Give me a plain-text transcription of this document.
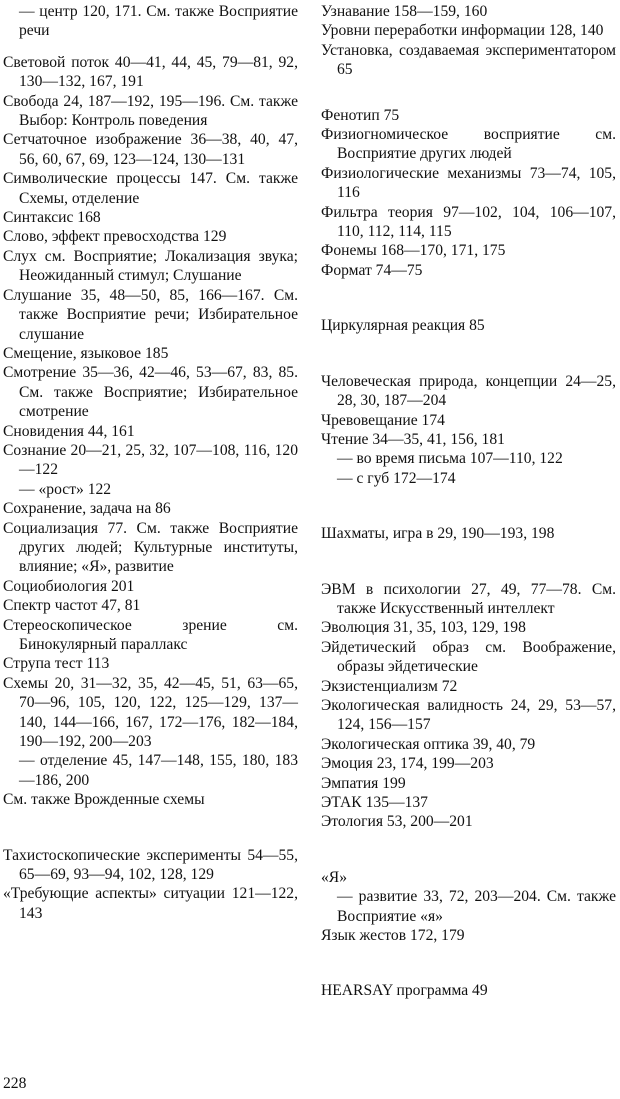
— центр 120, 171. См. также Восприятие речи
Световой поток 40—41, 44, 45, 79—81, 92, 130—132, 167, 191
Свобода 24, 187—192, 195—196. См. также Выбор: Контроль поведения
Сетчаточное изображение 36—38, 40, 47, 56, 60, 67, 69, 123—124, 130—131
Символические процессы 147. См. также Схемы, отделение
Синтаксис 168
Слово, эффект превосходства 129
Слух см. Восприятие; Локализация звука; Неожиданный стимул; Слушание
Слушание 35, 48—50, 85, 166—167. См. также Восприятие речи; Избирательное слушание
Смещение, языковое 185
Смотрение 35—36, 42—46, 53—67, 83, 85. См. также Восприятие; Избирательное смотрение
Сновидения 44, 161
Сознание 20—21, 25, 32, 107—108, 116, 120—122
— «рост» 122
Сохранение, задача на 86
Социализация 77. См. также Восприятие других людей; Культурные институты, влияние; «Я», развитие
Социобиология 201
Спектр частот 47, 81
Стереоскопическое зрение см. Бинокулярный параллакс
Струпа тест 113
Схемы 20, 31—32, 35, 42—45, 51, 63—65, 70—96, 105, 120, 122, 125—129, 137—140, 144—166, 167, 172—176, 182—184, 190—192, 200—203
— отделение 45, 147—148, 155, 180, 183—186, 200
См. также Врожденные схемы
Тахистоскопические эксперименты 54—55, 65—69, 93—94, 102, 128, 129
«Требующие аспекты» ситуации 121—122, 143
Узнавание 158—159, 160
Уровни переработки информации 128, 140
Установка, создаваемая экспериментатором 65
Фенотип 75
Физиогномическое восприятие см. Восприятие других людей
Физиологические механизмы 73—74, 105, 116
Фильтра теория 97—102, 104, 106—107, 110, 112, 114, 115
Фонемы 168—170, 171, 175
Формат 74—75
Циркулярная реакция 85
Человеческая природа, концепции 24—25, 28, 30, 187—204
Чревовещание 174
Чтение 34—35, 41, 156, 181
— во время письма 107—110, 122
— с губ 172—174
Шахматы, игра в 29, 190—193, 198
ЭВМ в психологии 27, 49, 77—78. См. также Искусственный интеллект
Эволюция 31, 35, 103, 129, 198
Эйдетический образ см. Воображение, образы эйдетические
Экзистенциализм 72
Экологическая валидность 24, 29, 53—57, 124, 156—157
Экологическая оптика 39, 40, 79
Эмоция 23, 174, 199—203
Эмпатия 199
ЭТАК 135—137
Этология 53, 200—201
«Я»
— развитие 33, 72, 203—204. См. также Восприятие «я»
Язык жестов 172, 179
HEARSAY программа 49
228
